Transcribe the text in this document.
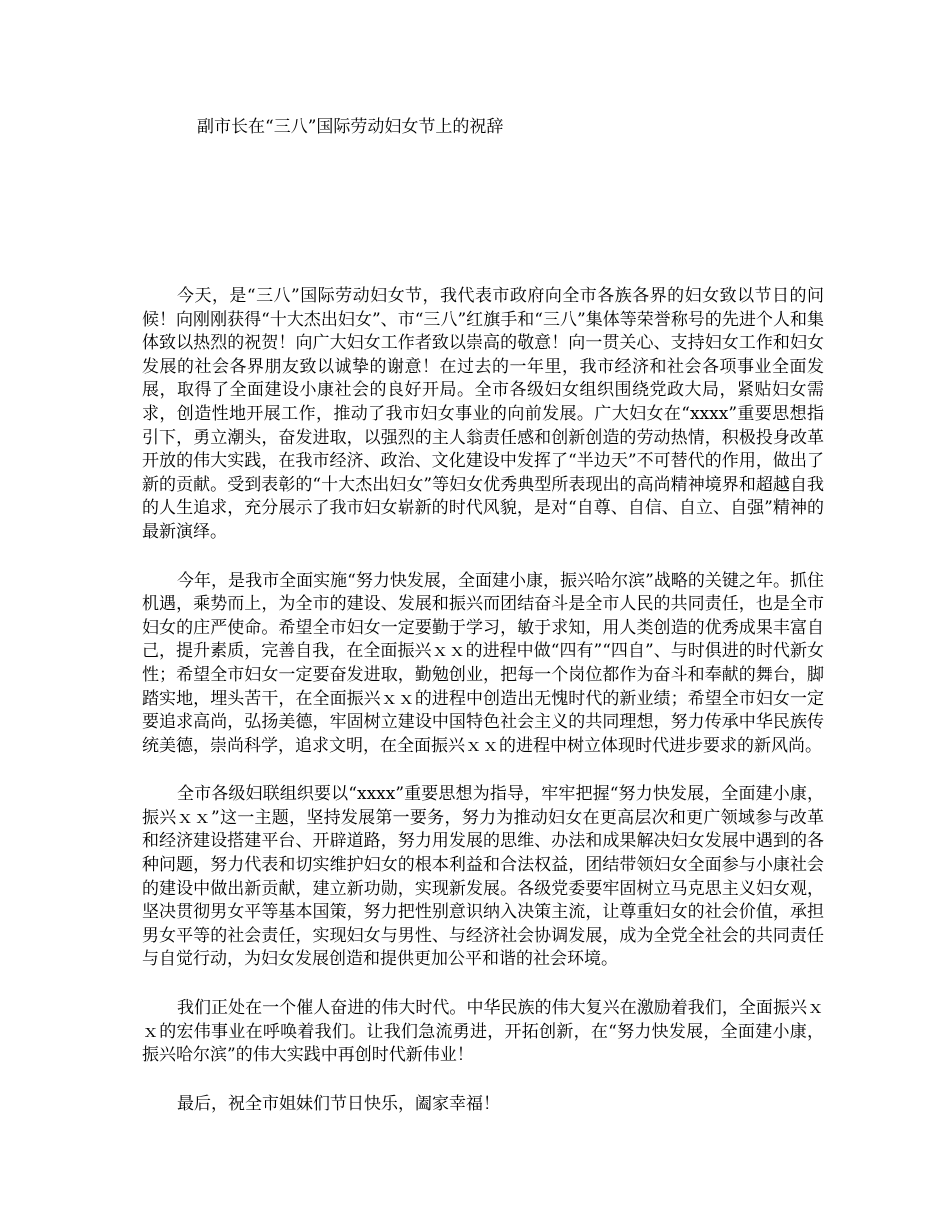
副市长在“三八”国际劳动妇女节上的祝辞

今天，是“三八”国际劳动妇女节，我代表市政府向全市各族各界的妇女致以节日的问候！向刚刚获得“十大杰出妇女”、市“三八”红旗手和“三八”集体等荣誉称号的先进个人和集体致以热烈的祝贺！向广大妇女工作者致以崇高的敬意！向一贯关心、支持妇女工作和妇女发展的社会各界朋友致以诚挚的谢意！在过去的一年里，我市经济和社会各项事业全面发展，取得了全面建设小康社会的良好开局。全市各级妇女组织围绕党政大局，紧贴妇女需求，创造性地开展工作，推动了我市妇女事业的向前发展。广大妇女在“xxxx”重要思想指引下，勇立潮头，奋发进取，以强烈的主人翁责任感和创新创造的劳动热情，积极投身改革开放的伟大实践，在我市经济、政治、文化建设中发挥了“半边天”不可替代的作用，做出了新的贡献。受到表彰的“十大杰出妇女”等妇女优秀典型所表现出的高尚精神境界和超越自我的人生追求，充分展示了我市妇女崭新的时代风貌，是对“自尊、自信、自立、自强”精神的最新演绎。

今年，是我市全面实施“努力快发展，全面建小康，振兴哈尔滨”战略的关键之年。抓住机遇，乘势而上，为全市的建设、发展和振兴而团结奋斗是全市人民的共同责任，也是全市妇女的庄严使命。希望全市妇女一定要勤于学习，敏于求知，用人类创造的优秀成果丰富自己，提升素质，完善自我，在全面振兴ｘｘ的进程中做“四有”“四自”、与时俱进的时代新女性；希望全市妇女一定要奋发进取，勤勉创业，把每一个岗位都作为奋斗和奉献的舞台，脚踏实地，埋头苦干，在全面振兴ｘｘ的进程中创造出无愧时代的新业绩；希望全市妇女一定要追求高尚，弘扬美德，牢固树立建设中国特色社会主义的共同理想，努力传承中华民族传统美德，崇尚科学，追求文明，在全面振兴ｘｘ的进程中树立体现时代进步要求的新风尚。

全市各级妇联组织要以“xxxx”重要思想为指导，牢牢把握“努力快发展，全面建小康，振兴ｘｘ”这一主题，坚持发展第一要务，努力为推动妇女在更高层次和更广领域参与改革和经济建设搭建平台、开辟道路，努力用发展的思维、办法和成果解决妇女发展中遇到的各种问题，努力代表和切实维护妇女的根本利益和合法权益，团结带领妇女全面参与小康社会的建设中做出新贡献，建立新功勋，实现新发展。各级党委要牢固树立马克思主义妇女观，坚决贯彻男女平等基本国策，努力把性别意识纳入决策主流，让尊重妇女的社会价值，承担男女平等的社会责任，实现妇女与男性、与经济社会协调发展，成为全党全社会的共同责任与自觉行动，为妇女发展创造和提供更加公平和谐的社会环境。

我们正处在一个催人奋进的伟大时代。中华民族的伟大复兴在激励着我们，全面振兴ｘｘ的宏伟事业在呼唤着我们。让我们急流勇进，开拓创新，在“努力快发展，全面建小康，振兴哈尔滨”的伟大实践中再创时代新伟业！

最后，祝全市姐妹们节日快乐，阖家幸福！
